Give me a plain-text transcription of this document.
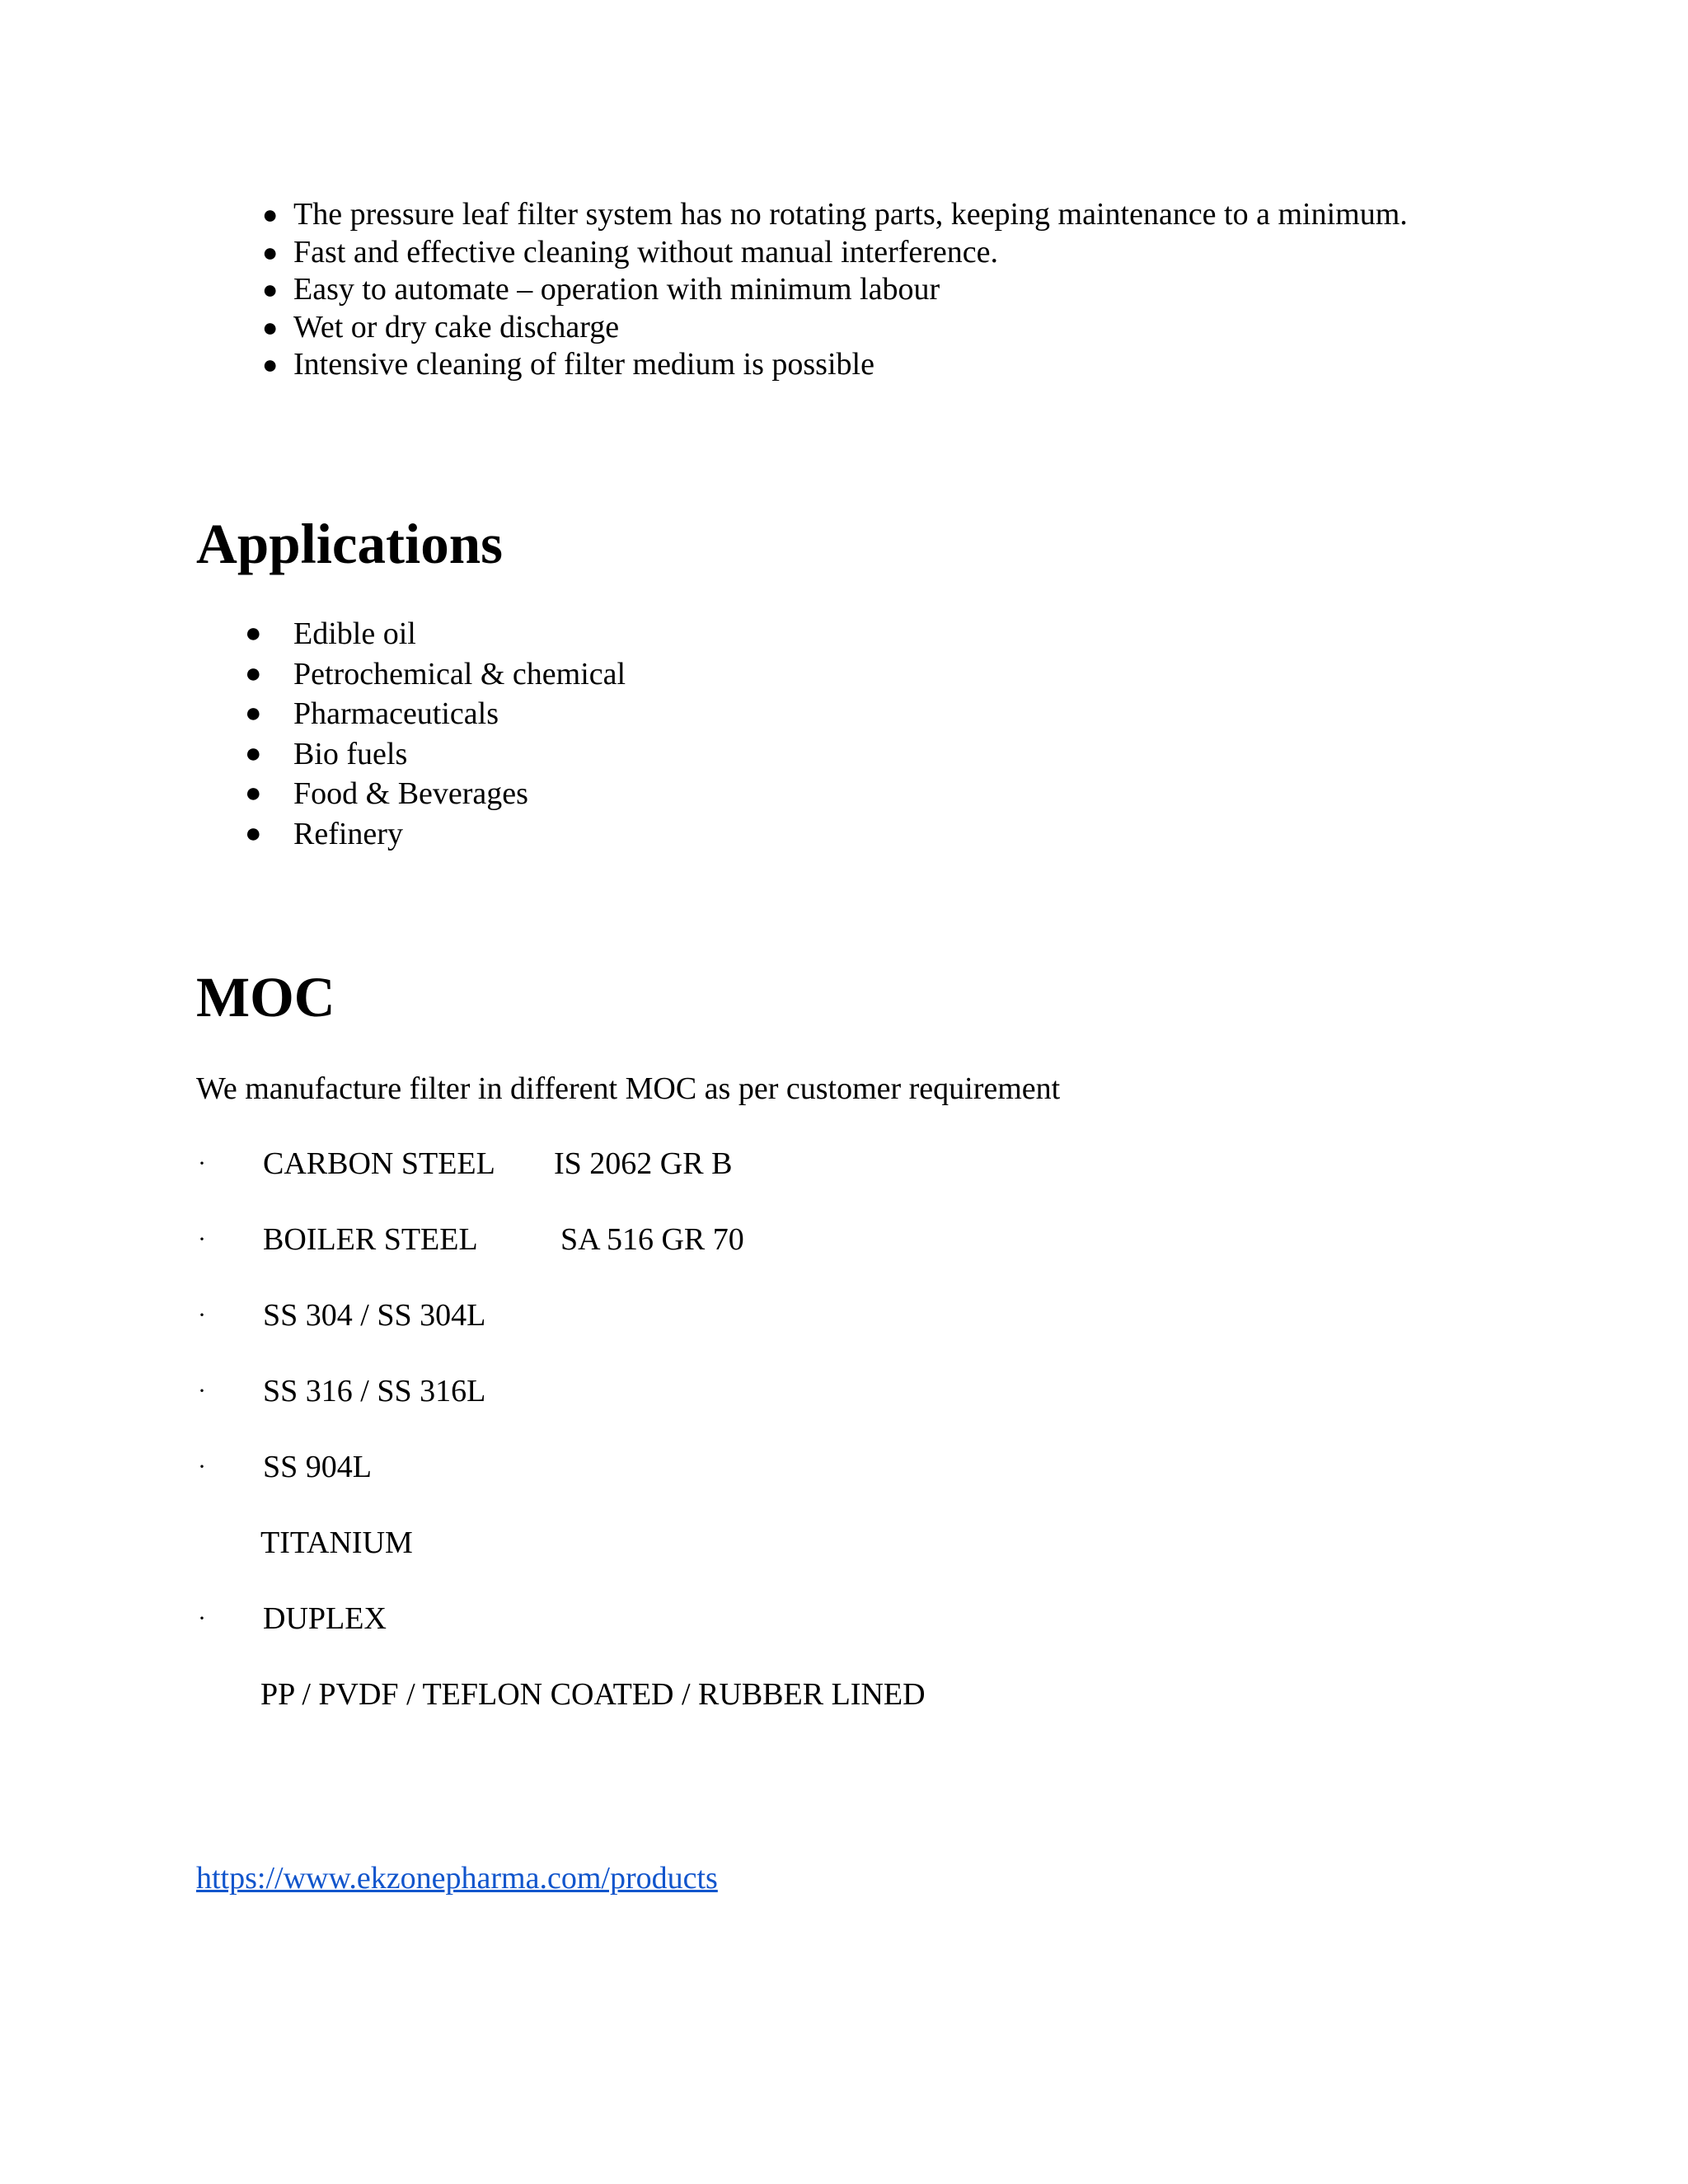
● The pressure leaf filter system has no rotating parts, keeping maintenance to a minimum.
● Fast and effective cleaning without manual interference.
● Easy to automate – operation with minimum labour
● Wet or dry cake discharge
● Intensive cleaning of filter medium is possible
Applications
● Edible oil
● Petrochemical & chemical
● Pharmaceuticals
● Bio fuels
● Food & Beverages
● Refinery
MOC

We manufacture filter in different MOC as per customer requirement

· CARBON STEEL IS 2062 GR B
· BOILER STEEL	SA 516 GR 70
· SS 304 / SS 304L
· SS 316 / SS 316L
· SS 904L
TITANIUM
· DUPLEX
PP / PVDF / TEFLON COATED / RUBBER LINED
https://www.ekzonepharma.com/products
